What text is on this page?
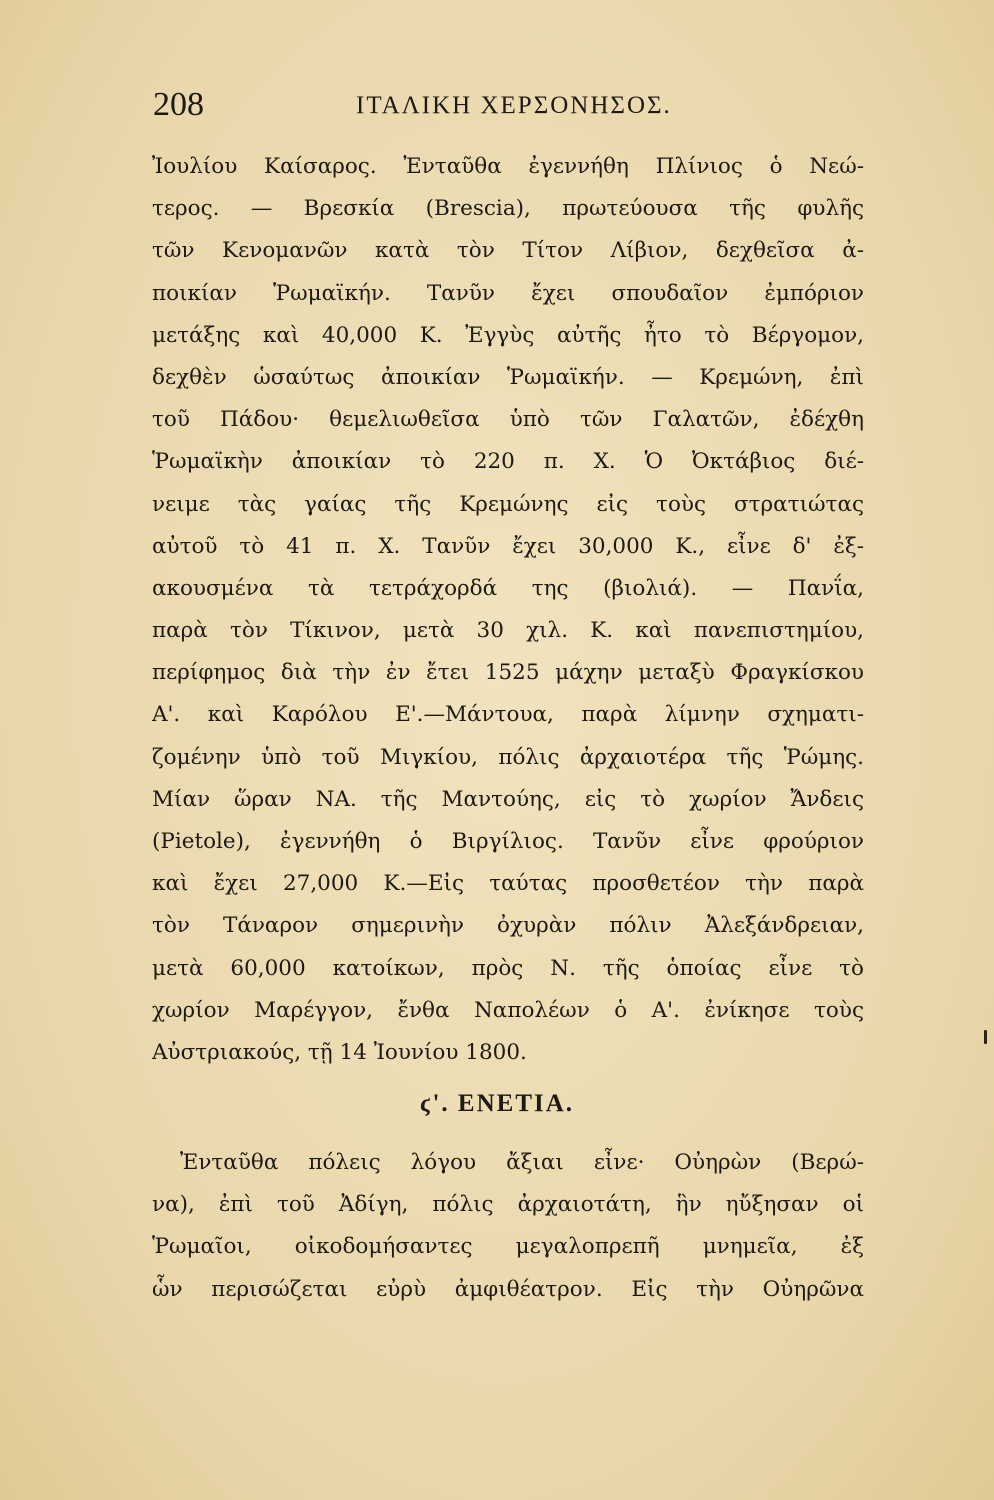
208	ΙΤΑΛΙΚΗ ΧΕΡΣΟΝΗΣΟΣ.
Ἰουλίου Καίσαρος. Ἐνταῦθα ἐγεννήθη Πλίνιος ὁ Νεώ-
τερος. — Βρεσκία (Brescia), πρωτεύουσα τῆς φυλῆς
τῶν Κενομανῶν κατὰ τὸν Τίτον Λίβιον, δεχθεῖσα ἀ-
ποικίαν Ῥωμαϊκήν. Τανῦν ἔχει σπουδαῖον ἐμπόριον
μετάξης καὶ 40,000 Κ. Ἐγγὺς αὐτῆς ἦτο τὸ Βέργομον,
δεχθὲν ὡσαύτως ἀποικίαν Ῥωμαϊκήν. — Κρεμώνη, ἐπὶ
τοῦ Πάδου· θεμελιωθεῖσα ὑπὸ τῶν Γαλατῶν, ἐδέχθη
Ῥωμαϊκὴν ἀποικίαν τὸ 220 π. Χ. Ὁ Ὀκτάβιος διέ-
νειμε τὰς γαίας τῆς Κρεμώνης εἰς τοὺς στρατιώτας
αὐτοῦ τὸ 41 π. Χ. Τανῦν ἔχει 30,000 Κ., εἶνε δ' ἐξ-
ακουσμένα τὰ τετράχορδά της (βιολιά). — Πανΐα,
παρὰ τὸν Τίκινον, μετὰ 30 χιλ. Κ. καὶ πανεπιστημίου,
περίφημος διὰ τὴν ἐν ἔτει 1525 μάχην μεταξὺ Φραγκίσκου
Α'. καὶ Καρόλου Ε'.—Μάντουα, παρὰ λίμνην σχηματι-
ζομένην ὑπὸ τοῦ Μιγκίου, πόλις ἀρχαιοτέρα τῆς Ῥώμης.
Μίαν ὥραν ΝΑ. τῆς Μαντούης, εἰς τὸ χωρίον Ἄνδεις
(Pietole), ἐγεννήθη ὁ Βιργίλιος. Τανῦν εἶνε φρούριον
καὶ ἔχει 27,000 Κ.—Εἰς ταύτας προσθετέον τὴν παρὰ
τὸν Τάναρον σημερινὴν ὀχυρὰν πόλιν Ἀλεξάνδρειαν,
μετὰ 60,000 κατοίκων, πρὸς Ν. τῆς ὁποίας εἶνε τὸ
χωρίον Μαρέγγον, ἔνθα Ναπολέων ὁ Α'. ἐνίκησε τοὺς
Αὐστριακούς, τῇ 14 Ἰουνίου 1800.
ϛ'. ΕΝΕΤΙΑ.
Ἐνταῦθα πόλεις λόγου ἄξιαι εἶνε· Οὐηρὼν (Βερώ-
να), ἐπὶ τοῦ Ἀδίγη, πόλις ἀρχαιοτάτη, ἣν ηὔξησαν οἱ
Ῥωμαῖοι, οἰκοδομήσαντες μεγαλοπρεπῆ μνημεῖα, ἐξ
ὧν περισώζεται εὐρὺ ἀμφιθέατρον. Εἰς τὴν Οὐηρῶνα
